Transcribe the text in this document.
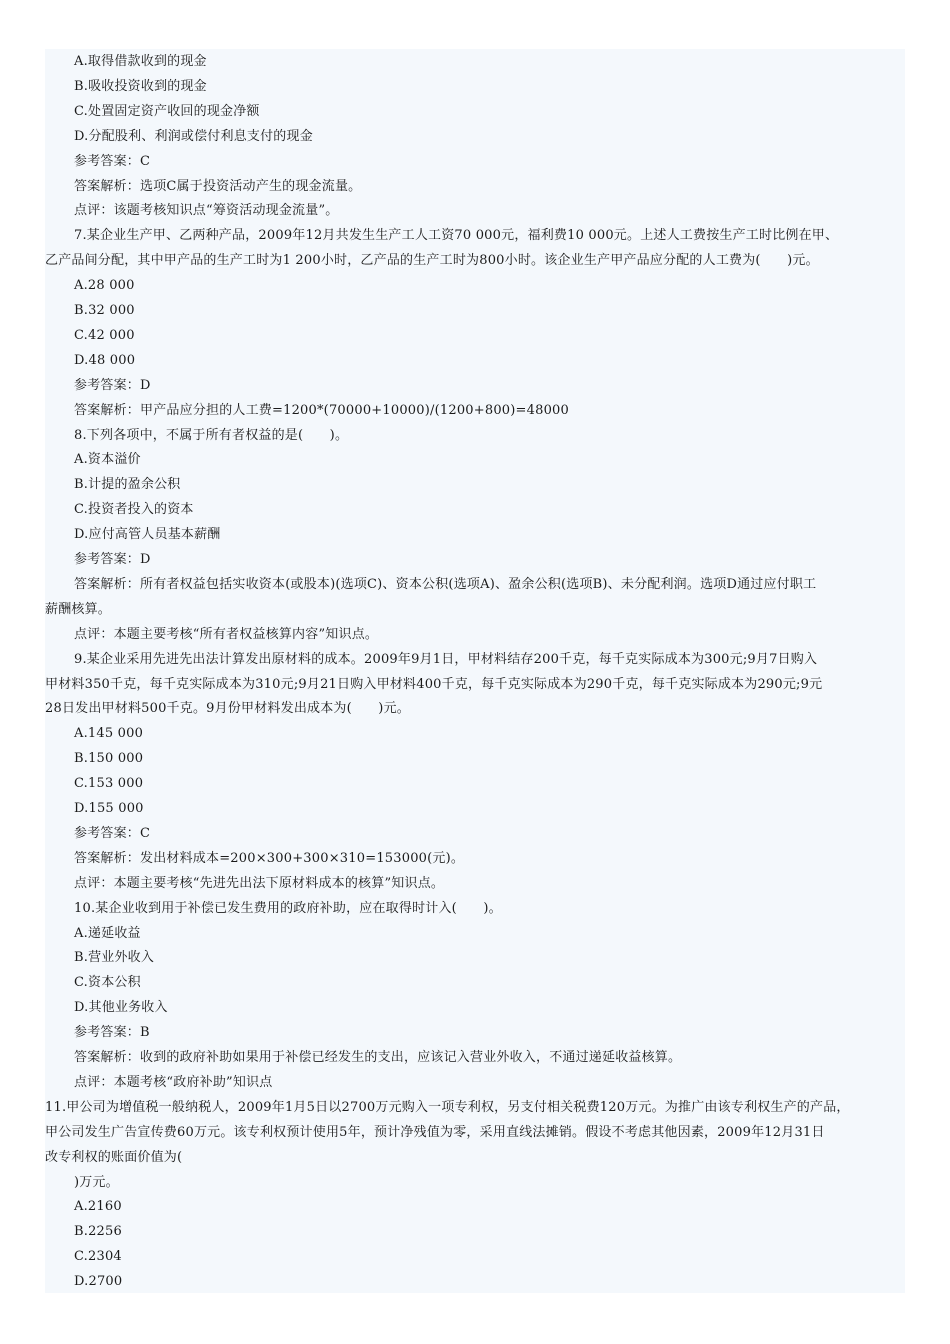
A.取得借款收到的现金
B.吸收投资收到的现金
C.处置固定资产收回的现金净额
D.分配股利、利润或偿付利息支付的现金
参考答案：C
答案解析：选项C属于投资活动产生的现金流量。
点评：该题考核知识点“筹资活动现金流量”。
7.某企业生产甲、乙两种产品，2009年12月共发生生产工人工资70 000元，福利费10 000元。上述人工费按生产工时比例在甲、
乙产品间分配，其中甲产品的生产工时为1 200小时，乙产品的生产工时为800小时。该企业生产甲产品应分配的人工费为(　　)元。
A.28 000
B.32 000
C.42 000
D.48 000
参考答案：D
答案解析：甲产品应分担的人工费=1200*(70000+10000)/(1200+800)=48000
8.下列各项中，不属于所有者权益的是(　　)。
A.资本溢价
B.计提的盈余公积
C.投资者投入的资本
D.应付高管人员基本薪酬
参考答案：D
答案解析：所有者权益包括实收资本(或股本)(选项C)、资本公积(选项A)、盈余公积(选项B)、未分配利润。选项D通过应付职工
薪酬核算。
点评：本题主要考核“所有者权益核算内容”知识点。
9.某企业采用先进先出法计算发出原材料的成本。2009年9月1日，甲材料结存200千克，每千克实际成本为300元;9月7日购入
甲材料350千克，每千克实际成本为310元;9月21日购入甲材料400千克，每千克实际成本为290千克，每千克实际成本为290元;9元
28日发出甲材料500千克。9月份甲材料发出成本为(　　)元。
A.145 000
B.150 000
C.153 000
D.155 000
参考答案：C
答案解析：发出材料成本=200×300+300×310=153000(元)。
点评：本题主要考核“先进先出法下原材料成本的核算”知识点。
10.某企业收到用于补偿已发生费用的政府补助，应在取得时计入(　　)。
A.递延收益
B.营业外收入
C.资本公积
D.其他业务收入
参考答案：B
答案解析：收到的政府补助如果用于补偿已经发生的支出，应该记入营业外收入，不通过递延收益核算。
点评：本题考核“政府补助”知识点
11.甲公司为增值税一般纳税人，2009年1月5日以2700万元购入一项专利权，另支付相关税费120万元。为推广由该专利权生产的产品，
甲公司发生广告宣传费60万元。该专利权预计使用5年，预计净残值为零，采用直线法摊销。假设不考虑其他因素，2009年12月31日
改专利权的账面价值为(
)万元。
A.2160
B.2256
C.2304
D.2700
